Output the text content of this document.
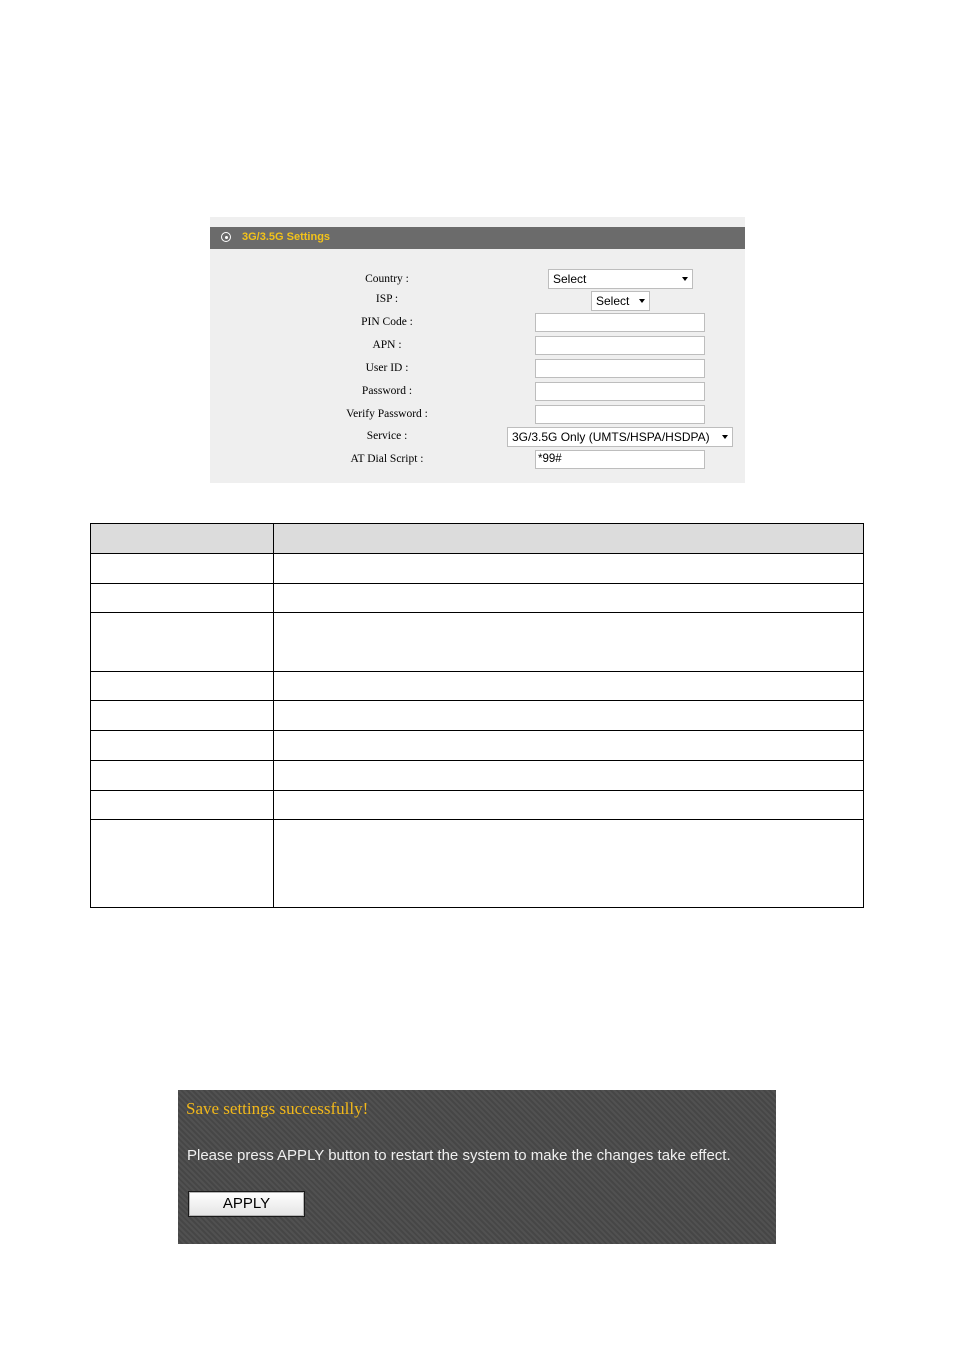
3G/3.5G Settings
Country :	Select
ISP :	Select
PIN Code :
APN :
User ID :
Password :
Verify Password :
Service :	3G/3.5G Only (UMTS/HSPA/HSDPA)
AT Dial Script :	*99#

Save settings successfully!
Please press APPLY button to restart the system to make the changes take effect.
APPLY
